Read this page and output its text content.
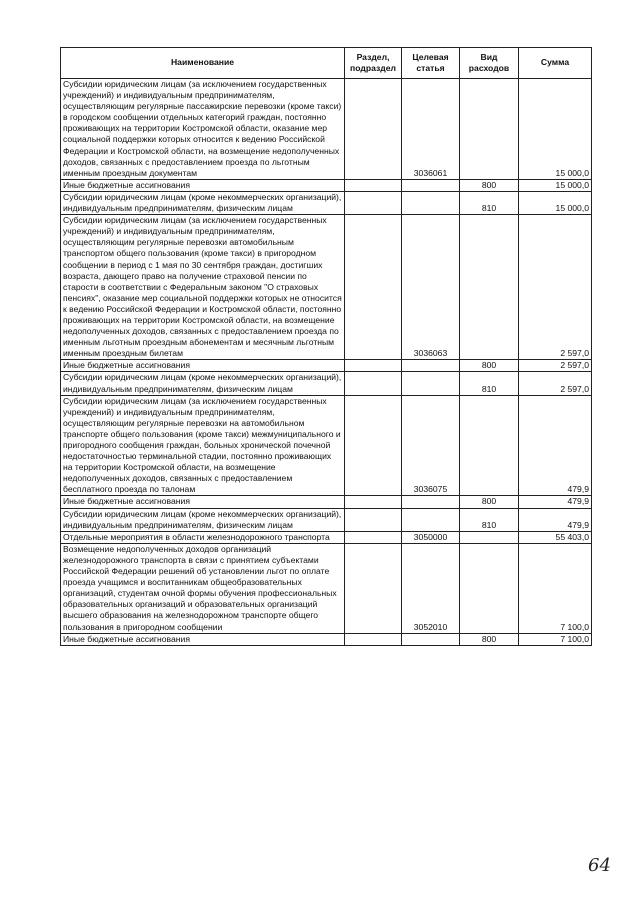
Наименование	Раздел, подраздел	Целевая статья	Вид расходов	Сумма
Субсидии юридическим лицам (за исключением государственных учреждений) и индивидуальным предпринимателям, осуществляющим регулярные пассажирские перевозки (кроме такси) в городском сообщении отдельных категорий граждан, постоянно проживающих на территории Костромской области, оказание мер социальной поддержки которых относится к ведению Российской Федерации и Костромской области, на возмещение недополученных доходов, связанных с предоставлением проезда по льготным именным проездным документам		3036061		15 000,0
Иные бюджетные ассигнования			800	15 000,0
Субсидии юридическим лицам (кроме некоммерческих организаций), индивидуальным предпринимателям, физическим лицам			810	15 000,0
Субсидии юридическим лицам (за исключением государственных учреждений) и индивидуальным предпринимателям, осуществляющим регулярные перевозки автомобильным транспортом общего пользования (кроме такси) в пригородном сообщении в период с 1 мая по 30 сентября граждан, достигших возраста, дающего право на получение страховой пенсии по старости в соответствии с Федеральным законом "О страховых пенсиях", оказание мер социальной поддержки которых не относится к ведению Российской Федерации и Костромской области, постоянно проживающих на территории Костромской области, на возмещение недополученных доходов, связанных с предоставлением проезда по именным льготным проездным абонементам и месячным льготным именным проездным билетам		3036063		2 597,0
Иные бюджетные ассигнования			800	2 597,0
Субсидии юридическим лицам (кроме некоммерческих организаций), индивидуальным предпринимателям, физическим лицам			810	2 597,0
Субсидии юридическим лицам (за исключением государственных учреждений) и индивидуальным предпринимателям, осуществляющим регулярные перевозки на автомобильном транспорте общего пользования (кроме такси) межмуниципального и пригородного сообщения граждан, больных хронической почечной недостаточностью терминальной стадии, постоянно проживающих на территории Костромской области, на возмещение недополученных доходов, связанных с предоставлением бесплатного проезда по талонам		3036075		479,9
Иные бюджетные ассигнования			800	479,9
Субсидии юридическим лицам (кроме некоммерческих организаций), индивидуальным предпринимателям, физическим лицам			810	479,9
Отдельные мероприятия в области железнодорожного транспорта		3050000		55 403,0
Возмещение недополученных доходов организаций железнодорожного транспорта в связи с принятием субъектами Российской Федерации решений об установлении льгот по оплате проезда учащимся и воспитанникам общеобразовательных организаций, студентам очной формы обучения профессиональных образовательных организаций и образовательных организаций высшего образования на железнодорожном транспорте общего пользования в пригородном сообщении		3052010		7 100,0
Иные бюджетные ассигнования			800	7 100,0
64
